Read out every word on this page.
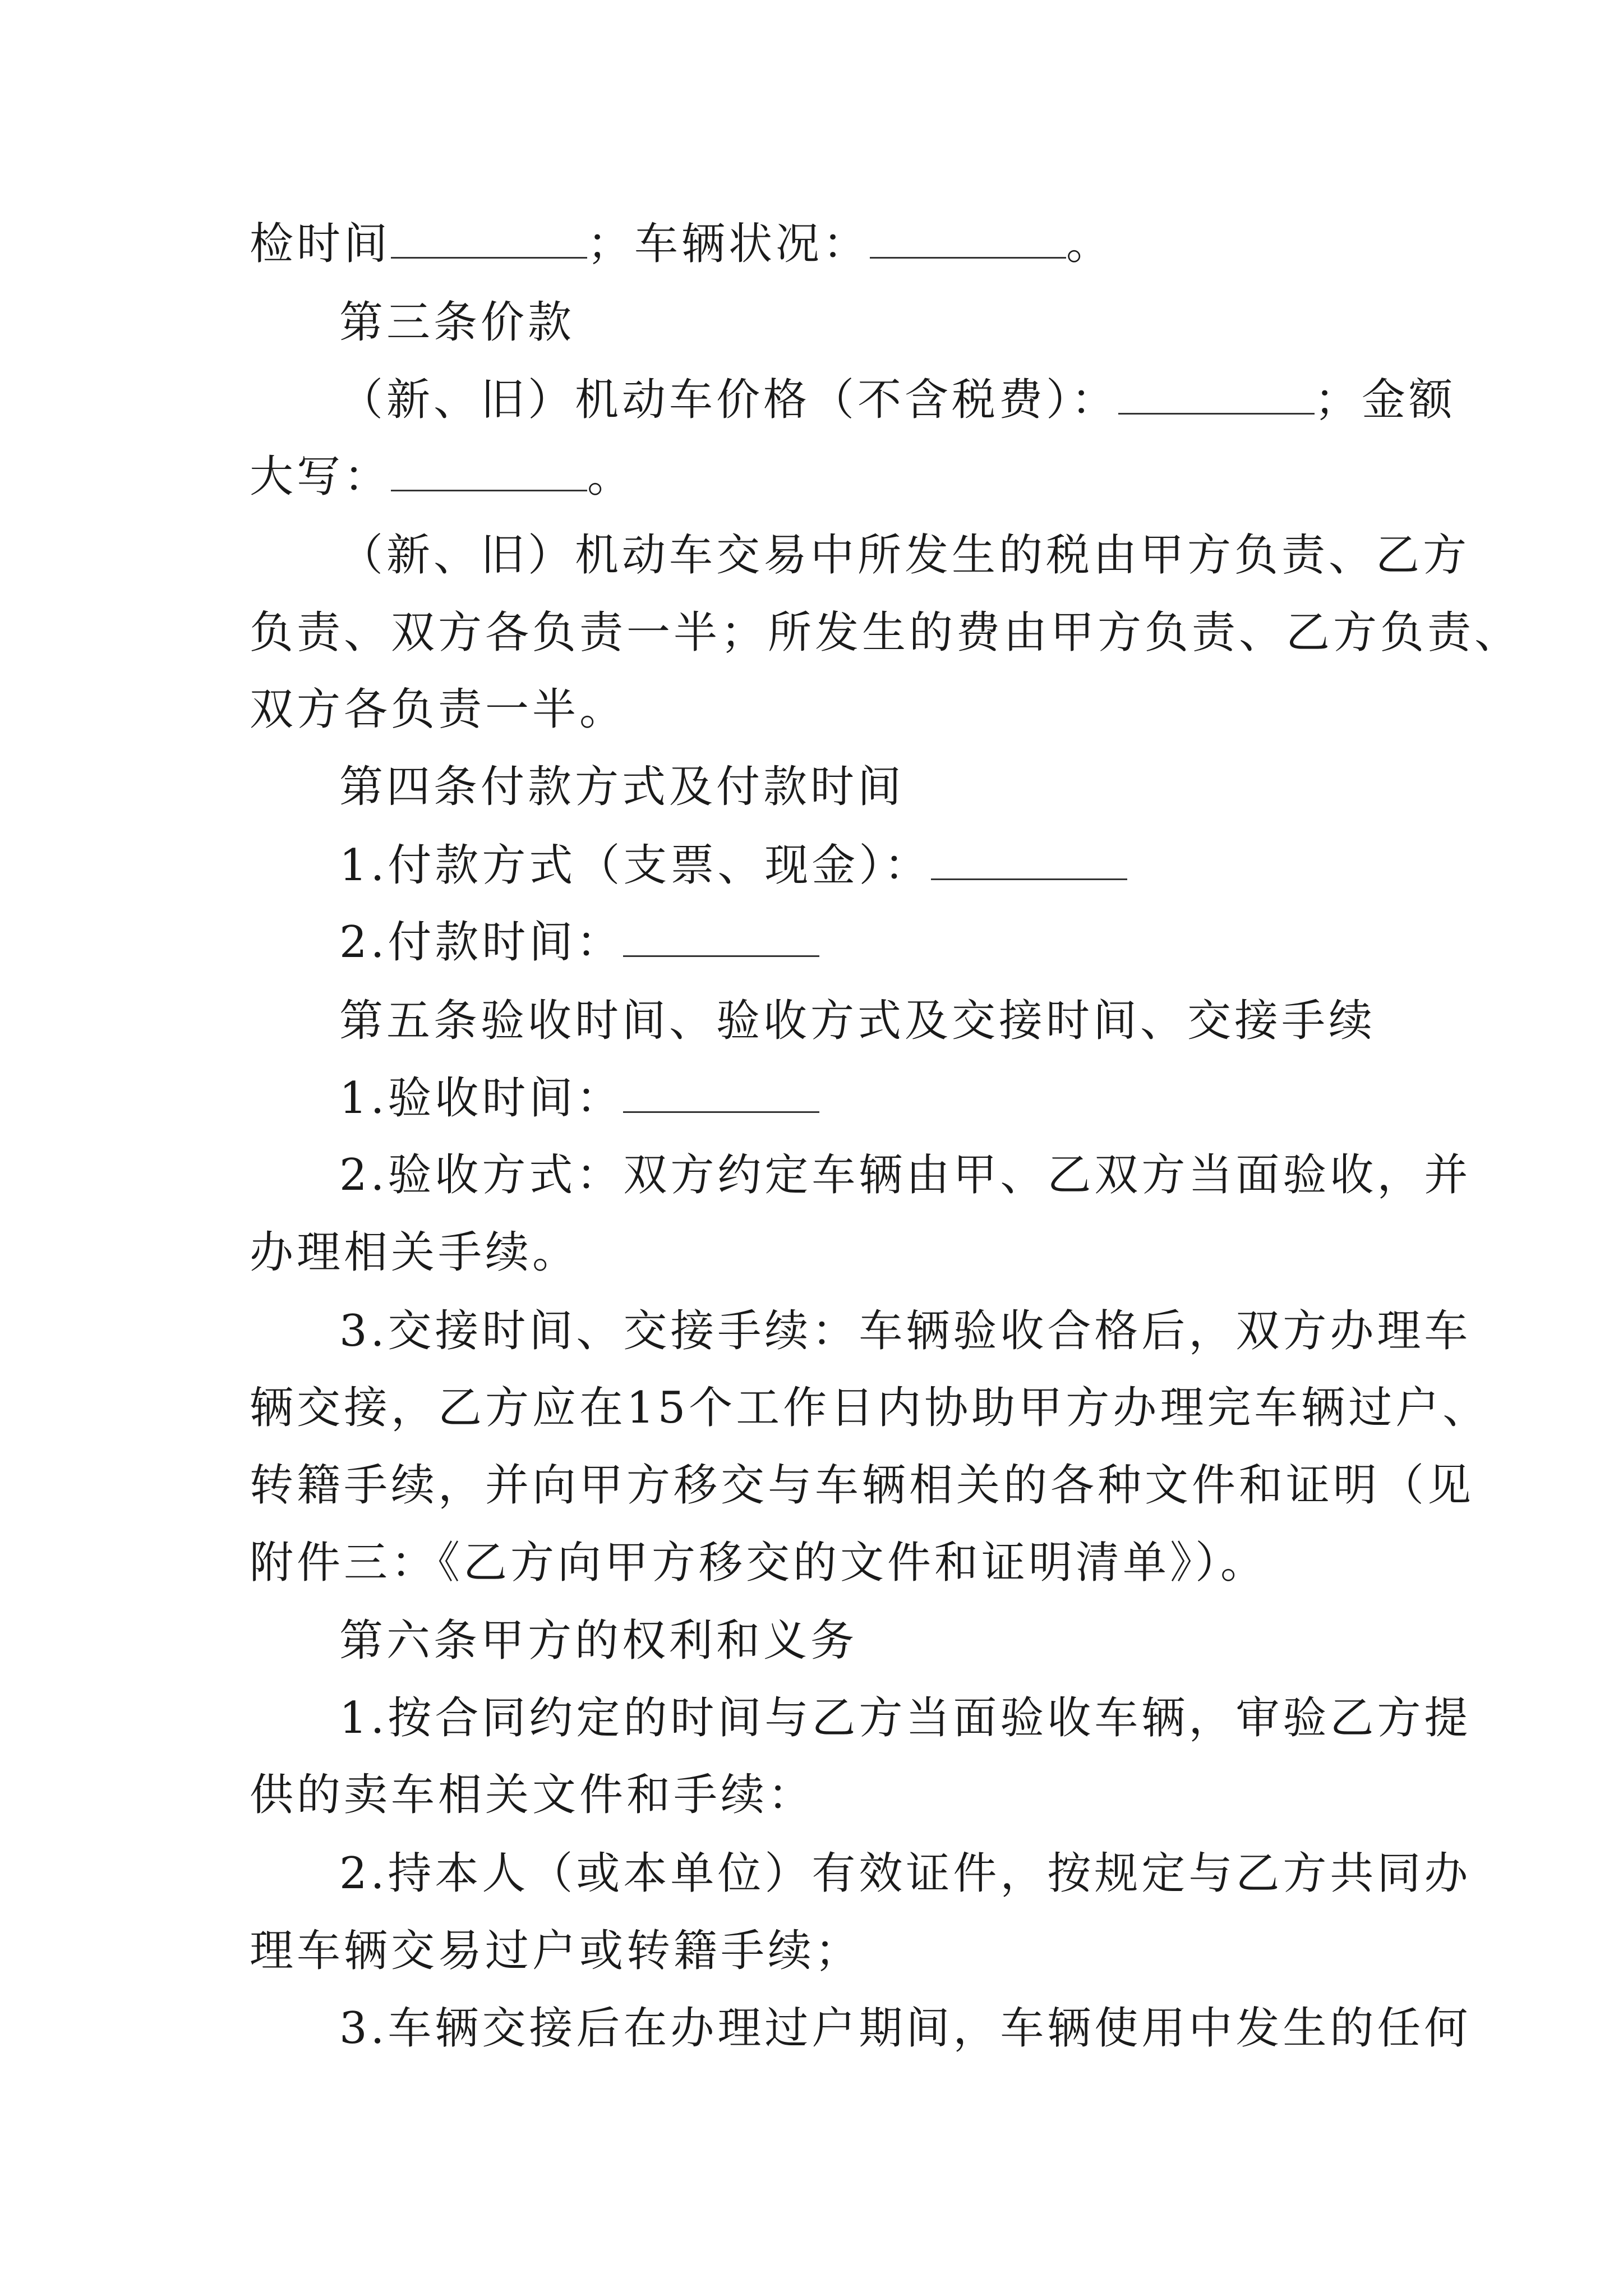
检时间	；车辆状况：	。
第三条价款
（新、旧）机动车价格（不含税费）：	；金额
大写：	。
（新、旧）机动车交易中所发生的税由甲方负责、乙方
负责、双方各负责一半；所发生的费由甲方负责、乙方负责、
双方各负责一半。
第四条付款方式及付款时间
1.付款方式（支票、现金）：
2.付款时间：
第五条验收时间、验收方式及交接时间、交接手续
1.验收时间：
2.验收方式：双方约定车辆由甲、乙双方当面验收，并
办理相关手续。
3.交接时间、交接手续：车辆验收合格后，双方办理车
辆交接，乙方应在15个工作日内协助甲方办理完车辆过户、
转籍手续，并向甲方移交与车辆相关的各种文件和证明（见
附件三：《乙方向甲方移交的文件和证明清单》）。
第六条甲方的权利和义务
1.按合同约定的时间与乙方当面验收车辆，审验乙方提
供的卖车相关文件和手续：
2.持本人（或本单位）有效证件，按规定与乙方共同办
理车辆交易过户或转籍手续；
3.车辆交接后在办理过户期间，车辆使用中发生的任何
